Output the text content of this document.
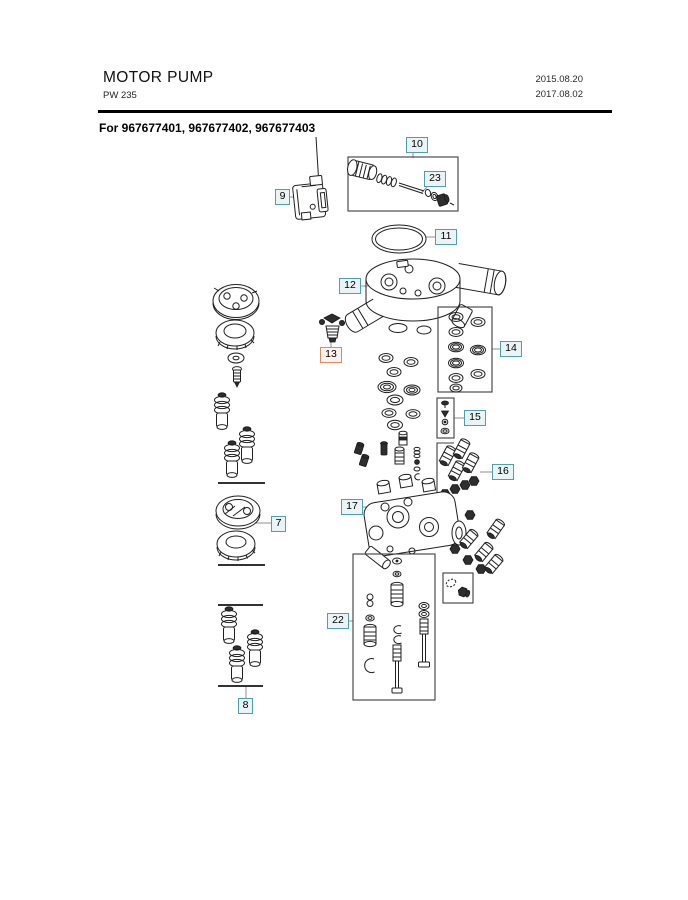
MOTOR PUMP
PW 235
2015.08.20
2017.08.02
For 967677401, 967677402, 967677403
7
8
9
10
11
12
13	14
15
16
17
22
23
